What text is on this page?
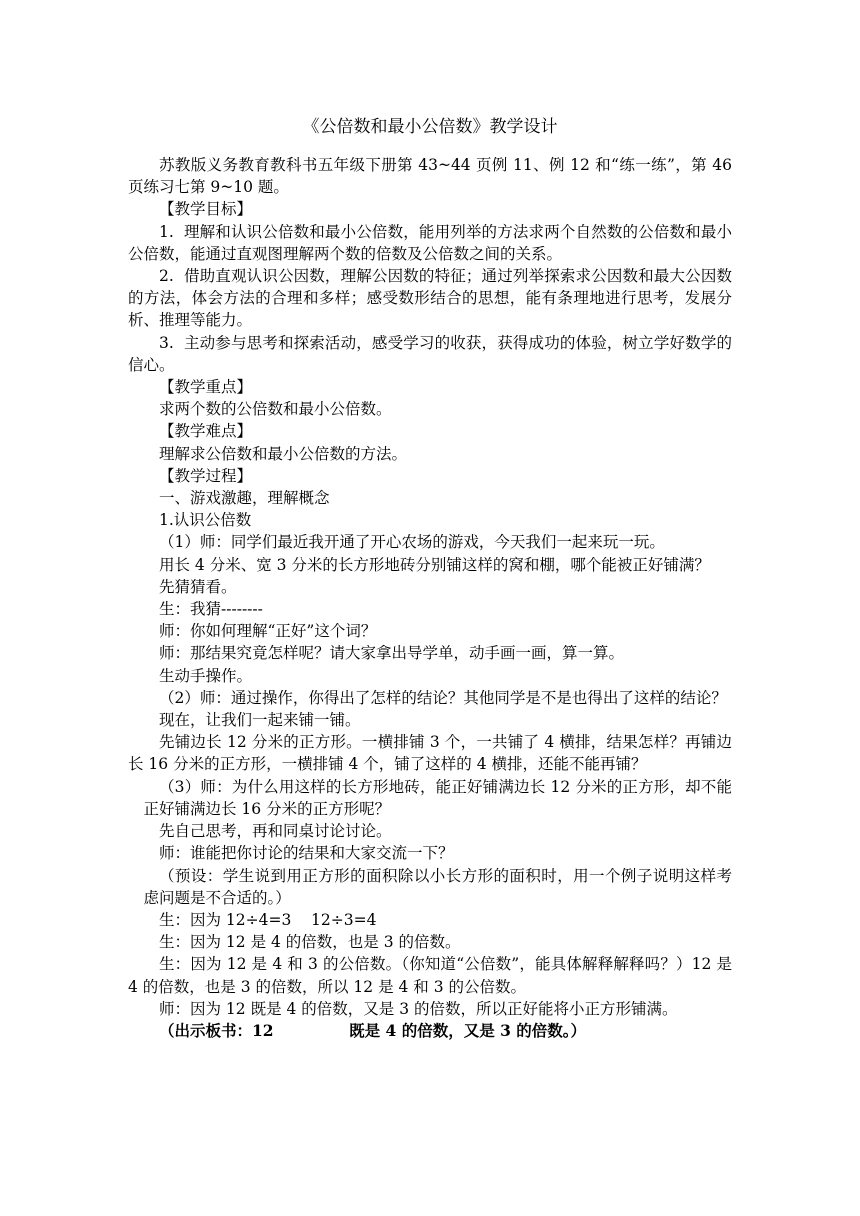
《公倍数和最小公倍数》教学设计

苏教版义务教育教科书五年级下册第 43~44 页例 11、例 12 和“练一练”，第 46 页练习七第 9~10 题。

【教学目标】

1.  理解和认识公倍数和最小公倍数，能用列举的方法求两个自然数的公倍数和最小公倍数，能通过直观图理解两个数的倍数及公倍数之间的关系。

2.  借助直观认识公因数，理解公因数的特征；通过列举探索求公因数和最大公因数的方法，体会方法的合理和多样；感受数形结合的思想，能有条理地进行思考，发展分析、推理等能力。

3.  主动参与思考和探索活动，感受学习的收获，获得成功的体验，树立学好数学的信心。

【教学重点】

求两个数的公倍数和最小公倍数。

【教学难点】

理解求公倍数和最小公倍数的方法。

【教学过程】

一、游戏激趣，理解概念

1.认识公倍数

（1）师：同学们最近我开通了开心农场的游戏，今天我们一起来玩一玩。

用长 4 分米、宽 3 分米的长方形地砖分别铺这样的窝和棚，哪个能被正好铺满？

先猜猜看。

生：我猜--------

师：你如何理解“正好”这个词？

师：那结果究竟怎样呢？请大家拿出导学单，动手画一画，算一算。

生动手操作。

（2）师：通过操作，你得出了怎样的结论？其他同学是不是也得出了这样的结论？

现在，让我们一起来铺一铺。

先铺边长 12 分米的正方形。一横排铺 3 个，一共铺了 4 横排，结果怎样？再铺边长 16 分米的正方形，一横排铺 4 个，铺了这样的 4 横排，还能不能再铺？

（3）师：为什么用这样的长方形地砖，能正好铺满边长 12 分米的正方形，却不能正好铺满边长 16 分米的正方形呢？

先自己思考，再和同桌讨论讨论。

师：谁能把你讨论的结果和大家交流一下？

（预设：学生说到用正方形的面积除以小长方形的面积时，用一个例子说明这样考虑问题是不合适的。）

生：因为 12÷4=3    12÷3=4

生：因为 12 是 4 的倍数，也是 3 的倍数。

生：因为 12 是 4 和 3 的公倍数。（你知道“公倍数”，能具体解释解释吗？）12 是 4 的倍数，也是 3 的倍数，所以 12 是 4 和 3 的公倍数。

师：因为 12 既是 4 的倍数，又是 3 的倍数，所以正好能将小正方形铺满。

（出示板书：12              既是 4 的倍数，又是 3 的倍数。）
